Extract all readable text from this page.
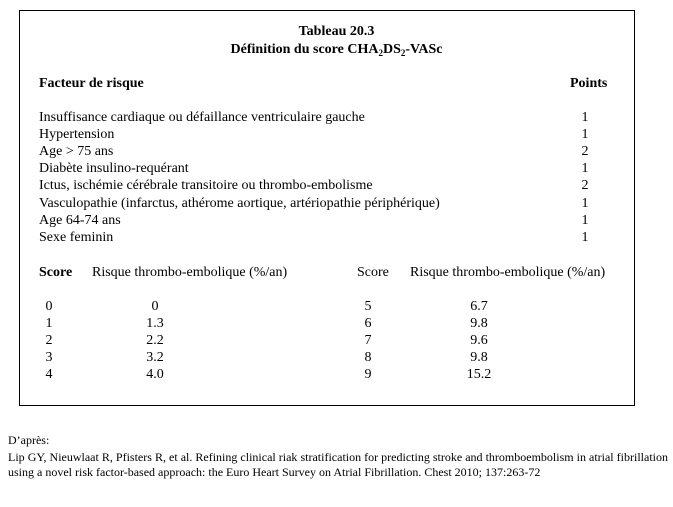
Tableau 20.3
Définition du score $CHA_2DS_2$-VASc
Facteur de risque	Points
Insuffisance cardiaque ou défaillance ventriculaire gauche	1
Hypertension	1
Age > 75 ans	2
Diabète insulino-requérant	1
Ictus, ischémie cérébrale transitoire ou thrombo-embolisme	2
Vasculopathie (infarctus, athérome aortique, artériopathie périphérique)	1
Age 64-74 ans	1
Sexe feminin	1
Score Risque thrombo-embolique (%/an)	Score Risque thrombo-embolique (%/an)
0	0
1	1.3
2	2.2
3	3.2
4	4.0
5	6.7
6	9.8
7	9.6
8	9.8
9	15.2
D’après:
Lip GY, Nieuwlaat R, Pfisters R, et al. Refining clinical riak stratification for predicting stroke and thromboembolism in atrial fibrillation using a novel risk factor-based approach: the Euro Heart Survey on Atrial Fibrillation. Chest 2010; 137:263-72
